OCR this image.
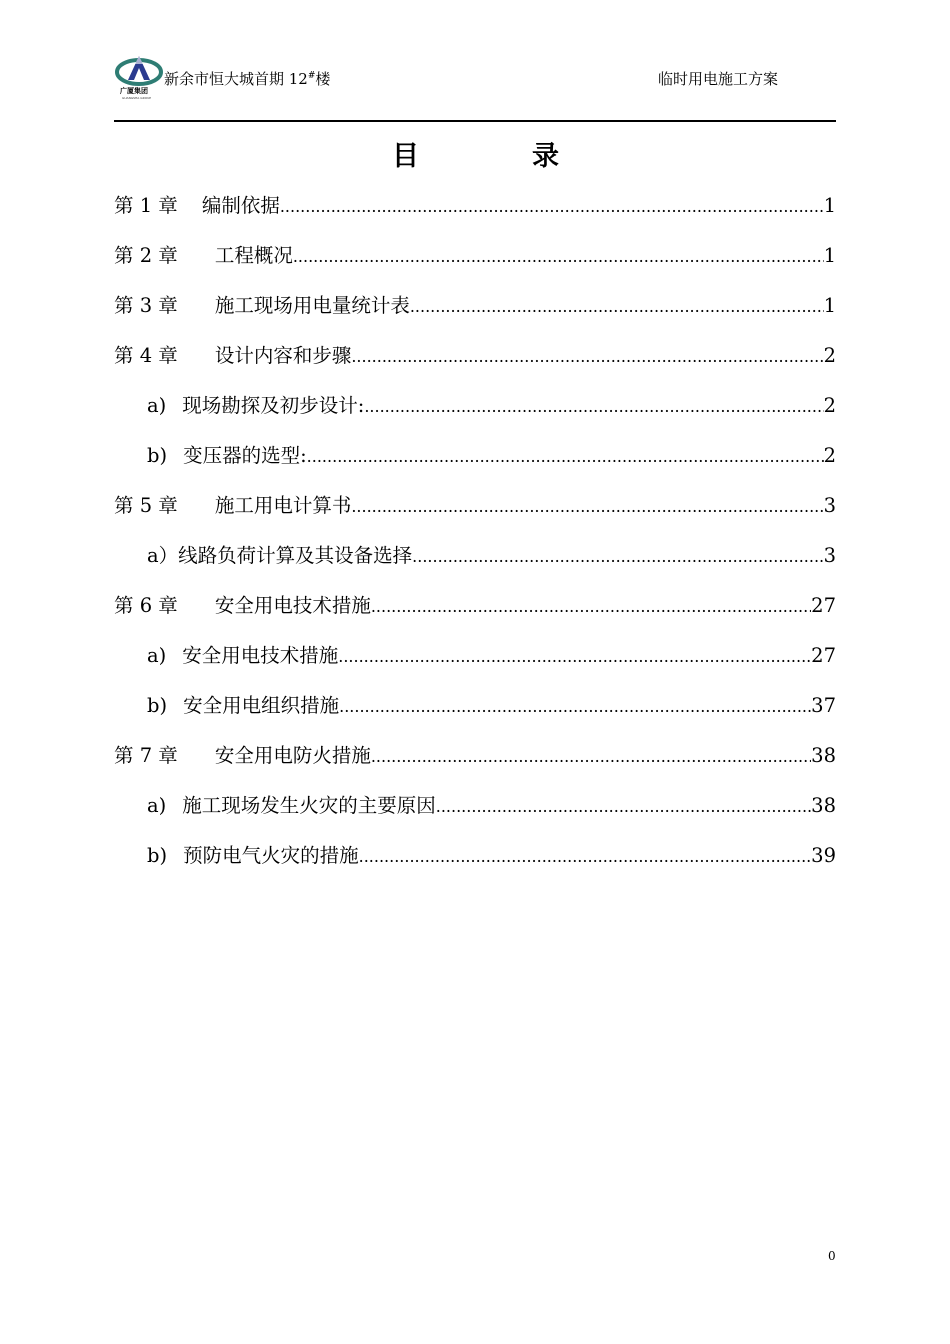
广厦集团
GUANGSHA GROUP
新余市恒大城首期 12#楼	临时用电施工方案
目	录
第 1 章 编制依据 .....	1
第 2 章 工程概况 .....	1
第 3 章 施工现场用电量统计表 .....	1
第 4 章 设计内容和步骤 .....	2
a) 现场勘探及初步设计: .....	2
b) 变压器的选型: .....	2
第 5 章 施工用电计算书 .....	3
a） 线路负荷计算及其设备选择 .....	3
第 6 章 安全用电技术措施 .....	27
a) 安全用电技术措施 .....	27
b) 安全用电组织措施 .....	37
第 7 章 安全用电防火措施 .....	38
a) 施工现场发生火灾的主要原因 .....	38
b) 预防电气火灾的措施 .....	39
0
